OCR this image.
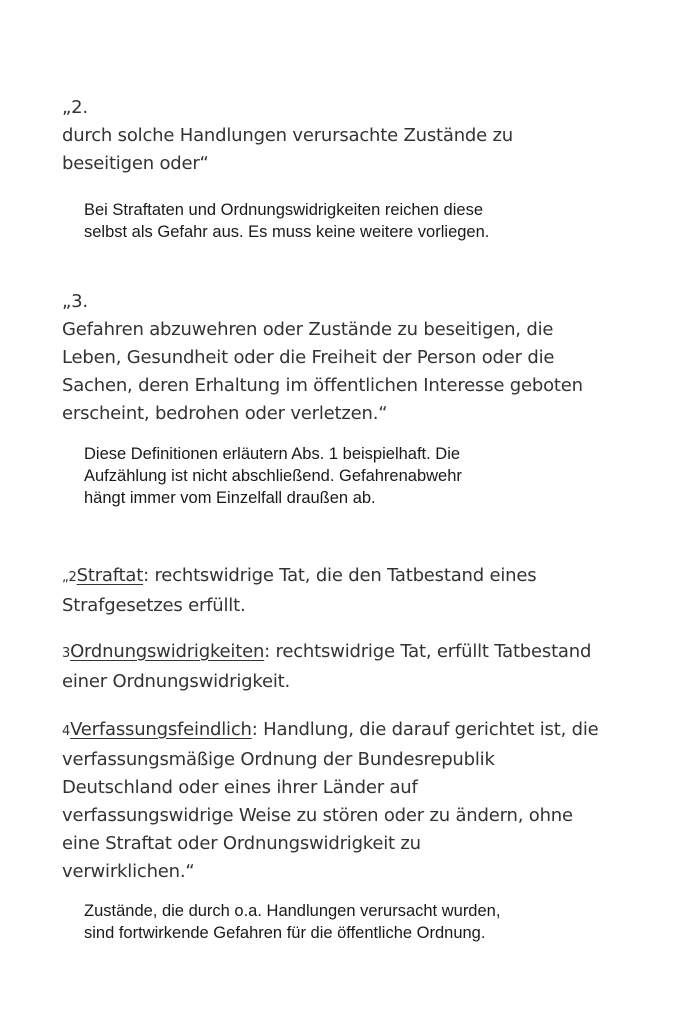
„2.
durch solche Handlungen verursachte Zustände zu
beseitigen oder“
Bei Straftaten und Ordnungswidrigkeiten reichen diese
selbst als Gefahr aus. Es muss keine weitere vorliegen.
„3.
Gefahren abzuwehren oder Zustände zu beseitigen, die
Leben, Gesundheit oder die Freiheit der Person oder die
Sachen, deren Erhaltung im öffentlichen Interesse geboten
erscheint, bedrohen oder verletzen.“
Diese Definitionen erläutern Abs. 1 beispielhaft. Die
Aufzählung ist nicht abschließend. Gefahrenabwehr
hängt immer vom Einzelfall draußen ab.
„2Straftat: rechtswidrige Tat, die den Tatbestand eines
Strafgesetzes erfüllt.
3Ordnungswidrigkeiten: rechtswidrige Tat, erfüllt Tatbestand
einer Ordnungswidrigkeit.
4Verfassungsfeindlich: Handlung, die darauf gerichtet ist, die
verfassungsmäßige Ordnung der Bundesrepublik
Deutschland oder eines ihrer Länder auf
verfassungswidrige Weise zu stören oder zu ändern, ohne
eine Straftat oder Ordnungswidrigkeit zu
verwirklichen.“
Zustände, die durch o.a. Handlungen verursacht wurden,
sind fortwirkende Gefahren für die öffentliche Ordnung.
